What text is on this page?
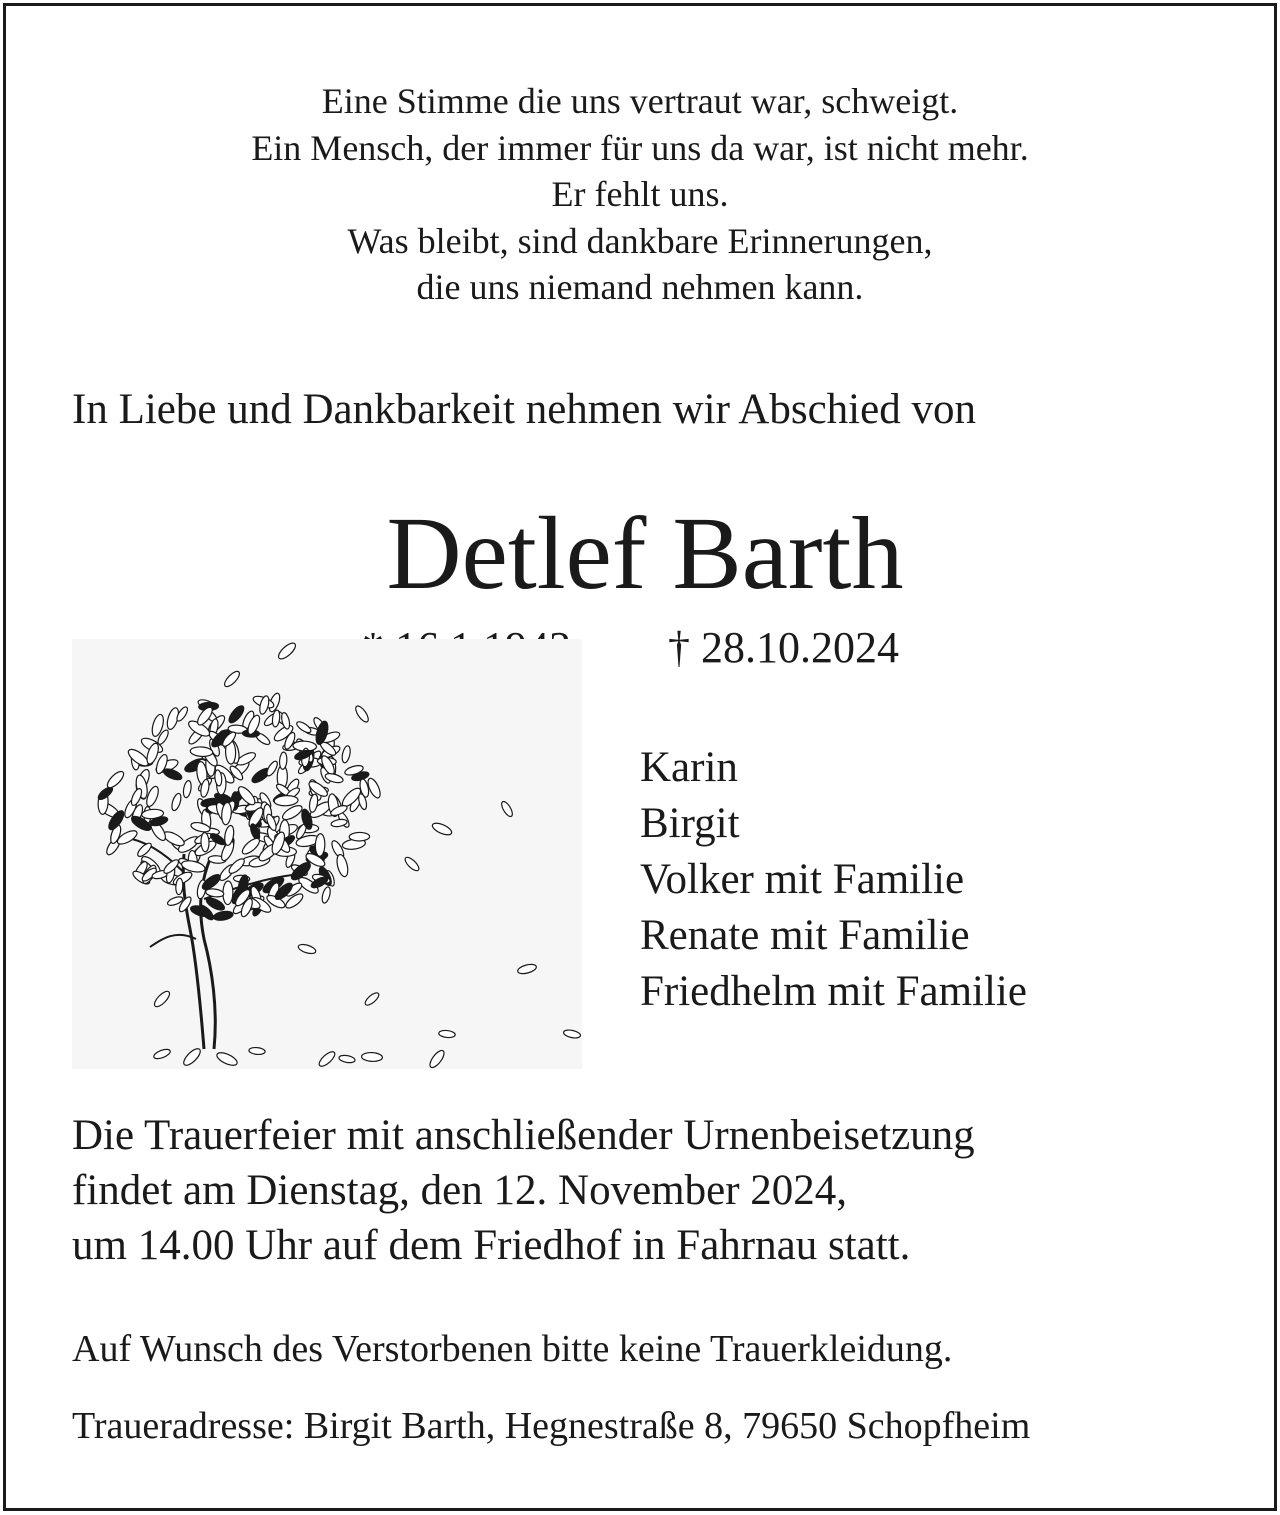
Eine Stimme die uns vertraut war, schweigt.
Ein Mensch, der immer für uns da war, ist nicht mehr.
Er fehlt uns.
Was bleibt, sind dankbare Erinnerungen,
die uns niemand nehmen kann.
In Liebe und Dankbarkeit nehmen wir Abschied von
Detlef Barth
† 28.10.2024
Karin
Birgit
Volker mit Familie
Renate mit Familie
Friedhelm mit Familie
Die Trauerfeier mit anschließender Urnenbeisetzung
findet am Dienstag, den 12. November 2024,
um 14.00 Uhr auf dem Friedhof in Fahrnau statt.
Auf Wunsch des Verstorbenen bitte keine Trauerkleidung.
Traueradresse: Birgit Barth, Hegnestraße 8, 79650 Schopfheim
